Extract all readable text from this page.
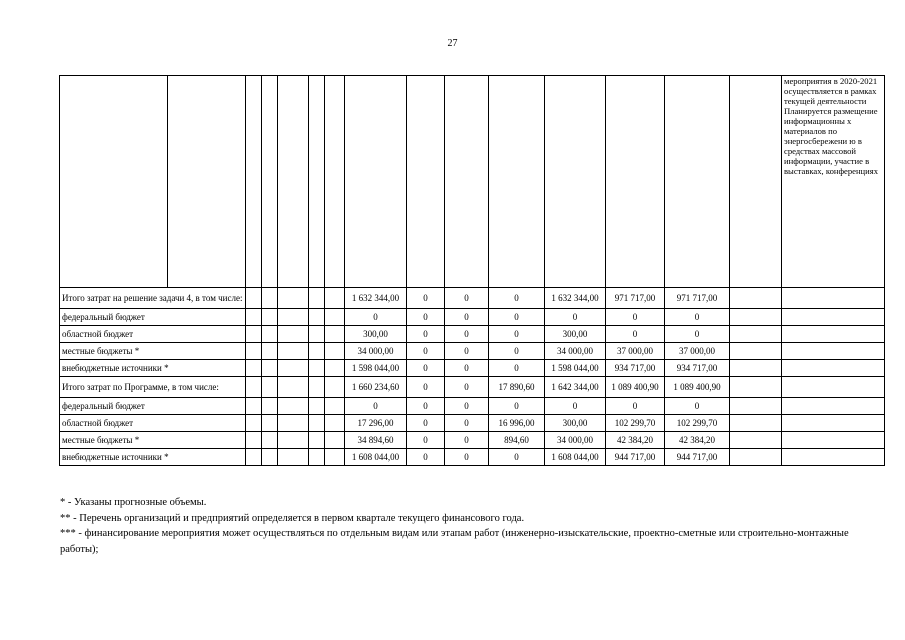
27
															мероприятия в 2020-2021 осуществляется в рамках текущей деятельности Планируется размещение информационны х материалов по энергосбережени ю в средствах массовой информации, участие в выставках, конференциях
Итого затрат на решение задачи 4, в том числе:							1 632 344,00	0	0	0	1 632 344,00	971 717,00	971 717,00		
федеральный бюджет							0	0	0	0	0	0	0		
областной бюджет							300,00	0	0	0	300,00	0	0		
местные бюджеты *							34 000,00	0	0	0	34 000,00	37 000,00	37 000,00		
внебюджетные источники *							1 598 044,00	0	0	0	1 598 044,00	934 717,00	934 717,00		
Итого затрат по Программе, в том числе:							1 660 234,60	0	0	17 890,60	1 642 344,00	1 089 400,90	1 089 400,90		
федеральный бюджет							0	0	0	0	0	0	0		
областной бюджет							17 296,00	0	0	16 996,00	300,00	102 299,70	102 299,70		
местные бюджеты *							34 894,60	0	0	894,60	34 000,00	42 384,20	42 384,20		
внебюджетные источники *							1 608 044,00	0	0	0	1 608 044,00	944 717,00	944 717,00		
* - Указаны прогнозные объемы.
** - Перечень организаций и предприятий определяется в первом квартале текущего финансового года.
*** - финансирование мероприятия может осуществляться по отдельным видам или этапам работ (инженерно-изыскательские, проектно-сметные или строительно-монтажные работы);
